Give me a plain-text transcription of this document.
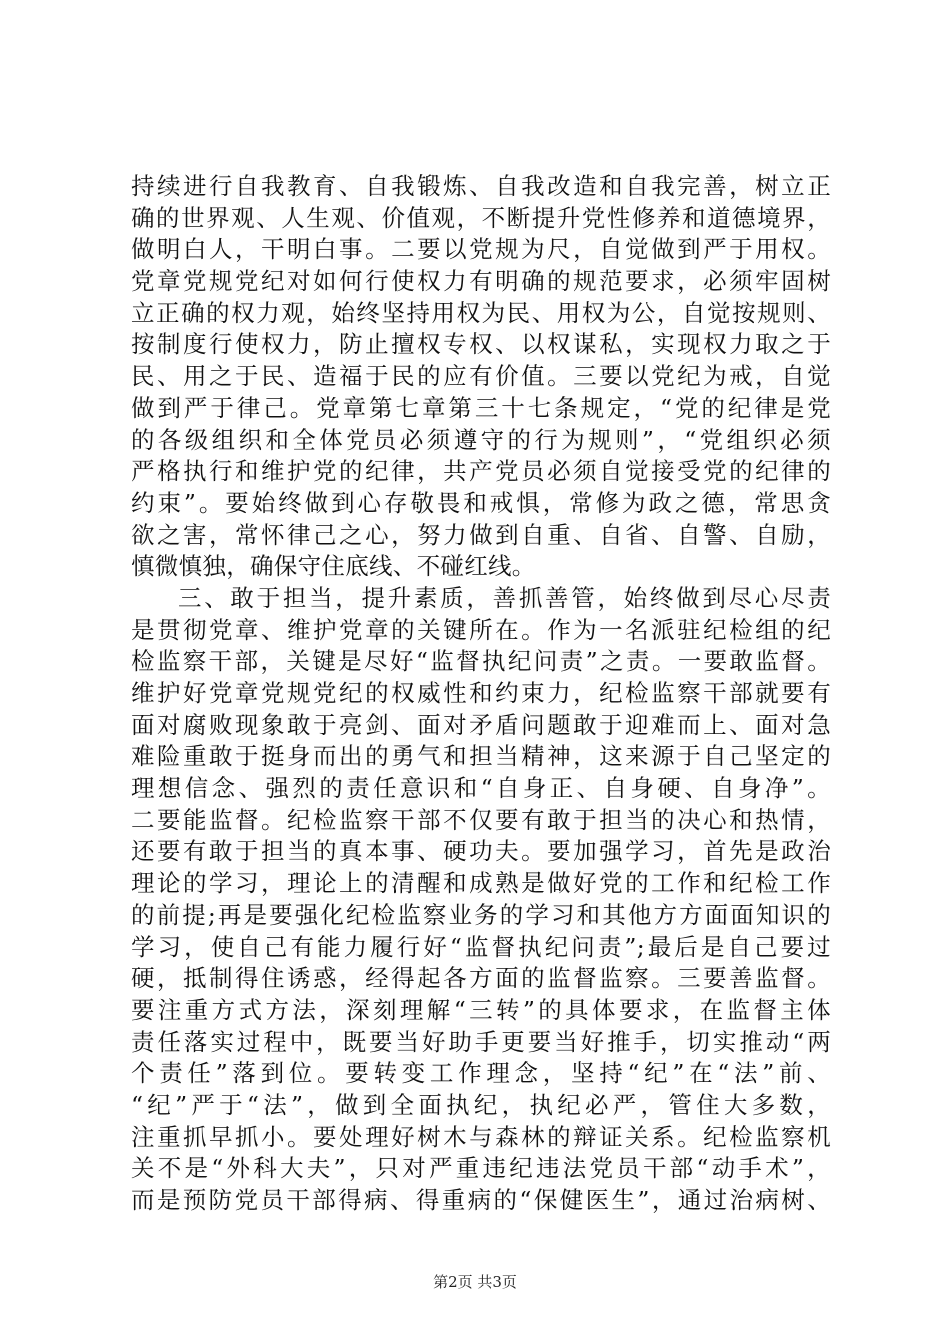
持续进行自我教育、自我锻炼、自我改造和自我完善，树立正
确的世界观、人生观、价值观，不断提升党性修养和道德境界，
做明白人，干明白事。二要以党规为尺，自觉做到严于用权。
党章党规党纪对如何行使权力有明确的规范要求，必须牢固树
立正确的权力观，始终坚持用权为民、用权为公，自觉按规则、
按制度行使权力，防止擅权专权、以权谋私，实现权力取之于
民、用之于民、造福于民的应有价值。三要以党纪为戒，自觉
做到严于律己。党章第七章第三十七条规定，“党的纪律是党
的各级组织和全体党员必须遵守的行为规则”，“党组织必须
严格执行和维护党的纪律，共产党员必须自觉接受党的纪律的
约束”。要始终做到心存敬畏和戒惧，常修为政之德，常思贪
欲之害，常怀律己之心，努力做到自重、自省、自警、自励，
慎微慎独，确保守住底线、不碰红线。
三、敢于担当，提升素质，善抓善管，始终做到尽心尽责
是贯彻党章、维护党章的关键所在。作为一名派驻纪检组的纪
检监察干部，关键是尽好“监督执纪问责”之责。一要敢监督。
维护好党章党规党纪的权威性和约束力，纪检监察干部就要有
面对腐败现象敢于亮剑、面对矛盾问题敢于迎难而上、面对急
难险重敢于挺身而出的勇气和担当精神，这来源于自己坚定的
理想信念、强烈的责任意识和“自身正、自身硬、自身净”。
二要能监督。纪检监察干部不仅要有敢于担当的决心和热情，
还要有敢于担当的真本事、硬功夫。要加强学习，首先是政治
理论的学习，理论上的清醒和成熟是做好党的工作和纪检工作
的前提;再是要强化纪检监察业务的学习和其他方方面面知识的
学习，使自己有能力履行好“监督执纪问责”;最后是自己要过
硬，抵制得住诱惑，经得起各方面的监督监察。三要善监督。
要注重方式方法，深刻理解“三转”的具体要求，在监督主体
责任落实过程中，既要当好助手更要当好推手，切实推动“两
个责任”落到位。要转变工作理念，坚持“纪”在“法”前、
“纪”严于“法”，做到全面执纪，执纪必严，管住大多数，
注重抓早抓小。要处理好树木与森林的辩证关系。纪检监察机
关不是“外科大夫”，只对严重违纪违法党员干部“动手术”，
而是预防党员干部得病、得重病的“保健医生”，通过治病树、
第2页 共3页
